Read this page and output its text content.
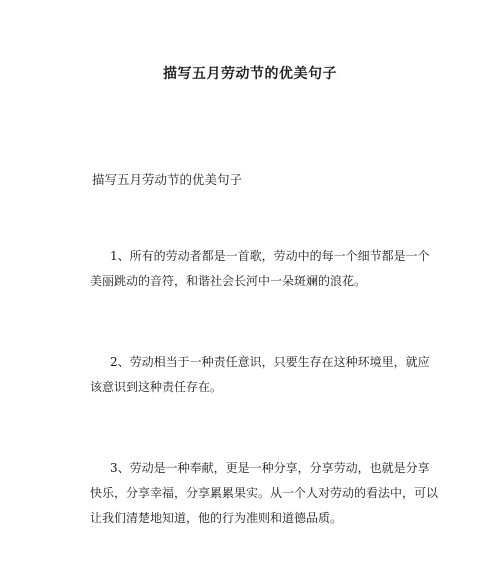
描写五月劳动节的优美句子
描写五月劳动节的优美句子
1、所有的劳动者都是一首歌，劳动中的每一个细节都是一个
美丽跳动的音符，和谐社会长河中一朵斑斓的浪花。
2、劳动相当于一种责任意识，只要生存在这种环境里，就应
该意识到这种责任存在。
3、劳动是一种奉献，更是一种分享，分享劳动，也就是分享
快乐，分享幸福，分享累累果实。从一个人对劳动的看法中，可以
让我们清楚地知道，他的行为准则和道德品质。
